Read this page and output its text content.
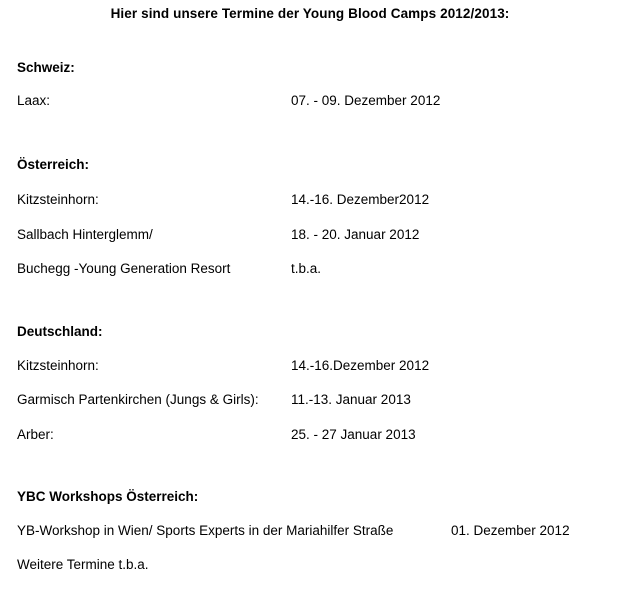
Hier sind unsere Termine der Young Blood Camps 2012/2013:
Schweiz:
Laax:	07. - 09. Dezember 2012
Österreich:
Kitzsteinhorn:	14.-16. Dezember2012
Sallbach Hinterglemm/	18. - 20. Januar 2012
Buchegg -Young Generation Resort	t.b.a.
Deutschland:
Kitzsteinhorn:	14.-16.Dezember 2012
Garmisch Partenkirchen (Jungs & Girls): 11.-13. Januar 2013
Arber:	25. - 27 Januar 2013
YBC Workshops Österreich:
YB-Workshop in Wien/ Sports Experts in der Mariahilfer Straße	01. Dezember 2012
Weitere Termine t.b.a.
